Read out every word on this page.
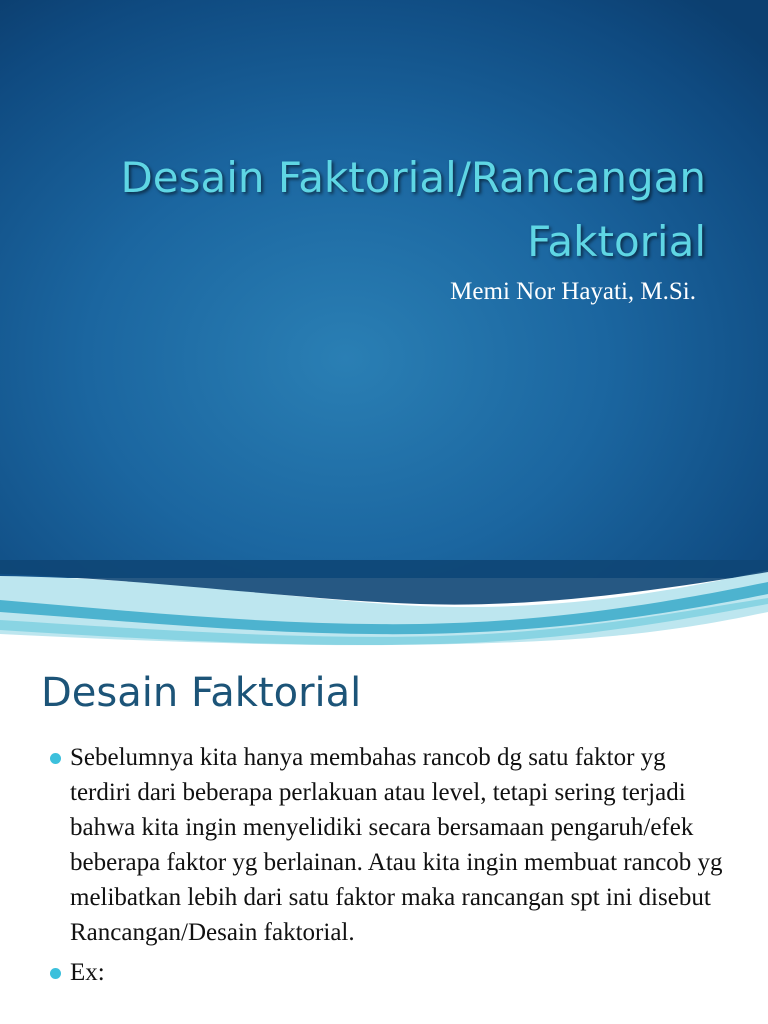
Desain Faktorial/Rancangan Faktorial

Memi Nor Hayati, M.Si.

Desain Faktorial
Sebelumnya kita hanya membahas rancob dg satu faktor yg terdiri dari beberapa perlakuan atau level, tetapi sering terjadi bahwa kita ingin menyelidiki secara bersamaan pengaruh/efek beberapa faktor yg berlainan. Atau kita ingin membuat rancob yg melibatkan lebih dari satu faktor maka rancangan spt ini disebut Rancangan/Desain faktorial.
Ex:
